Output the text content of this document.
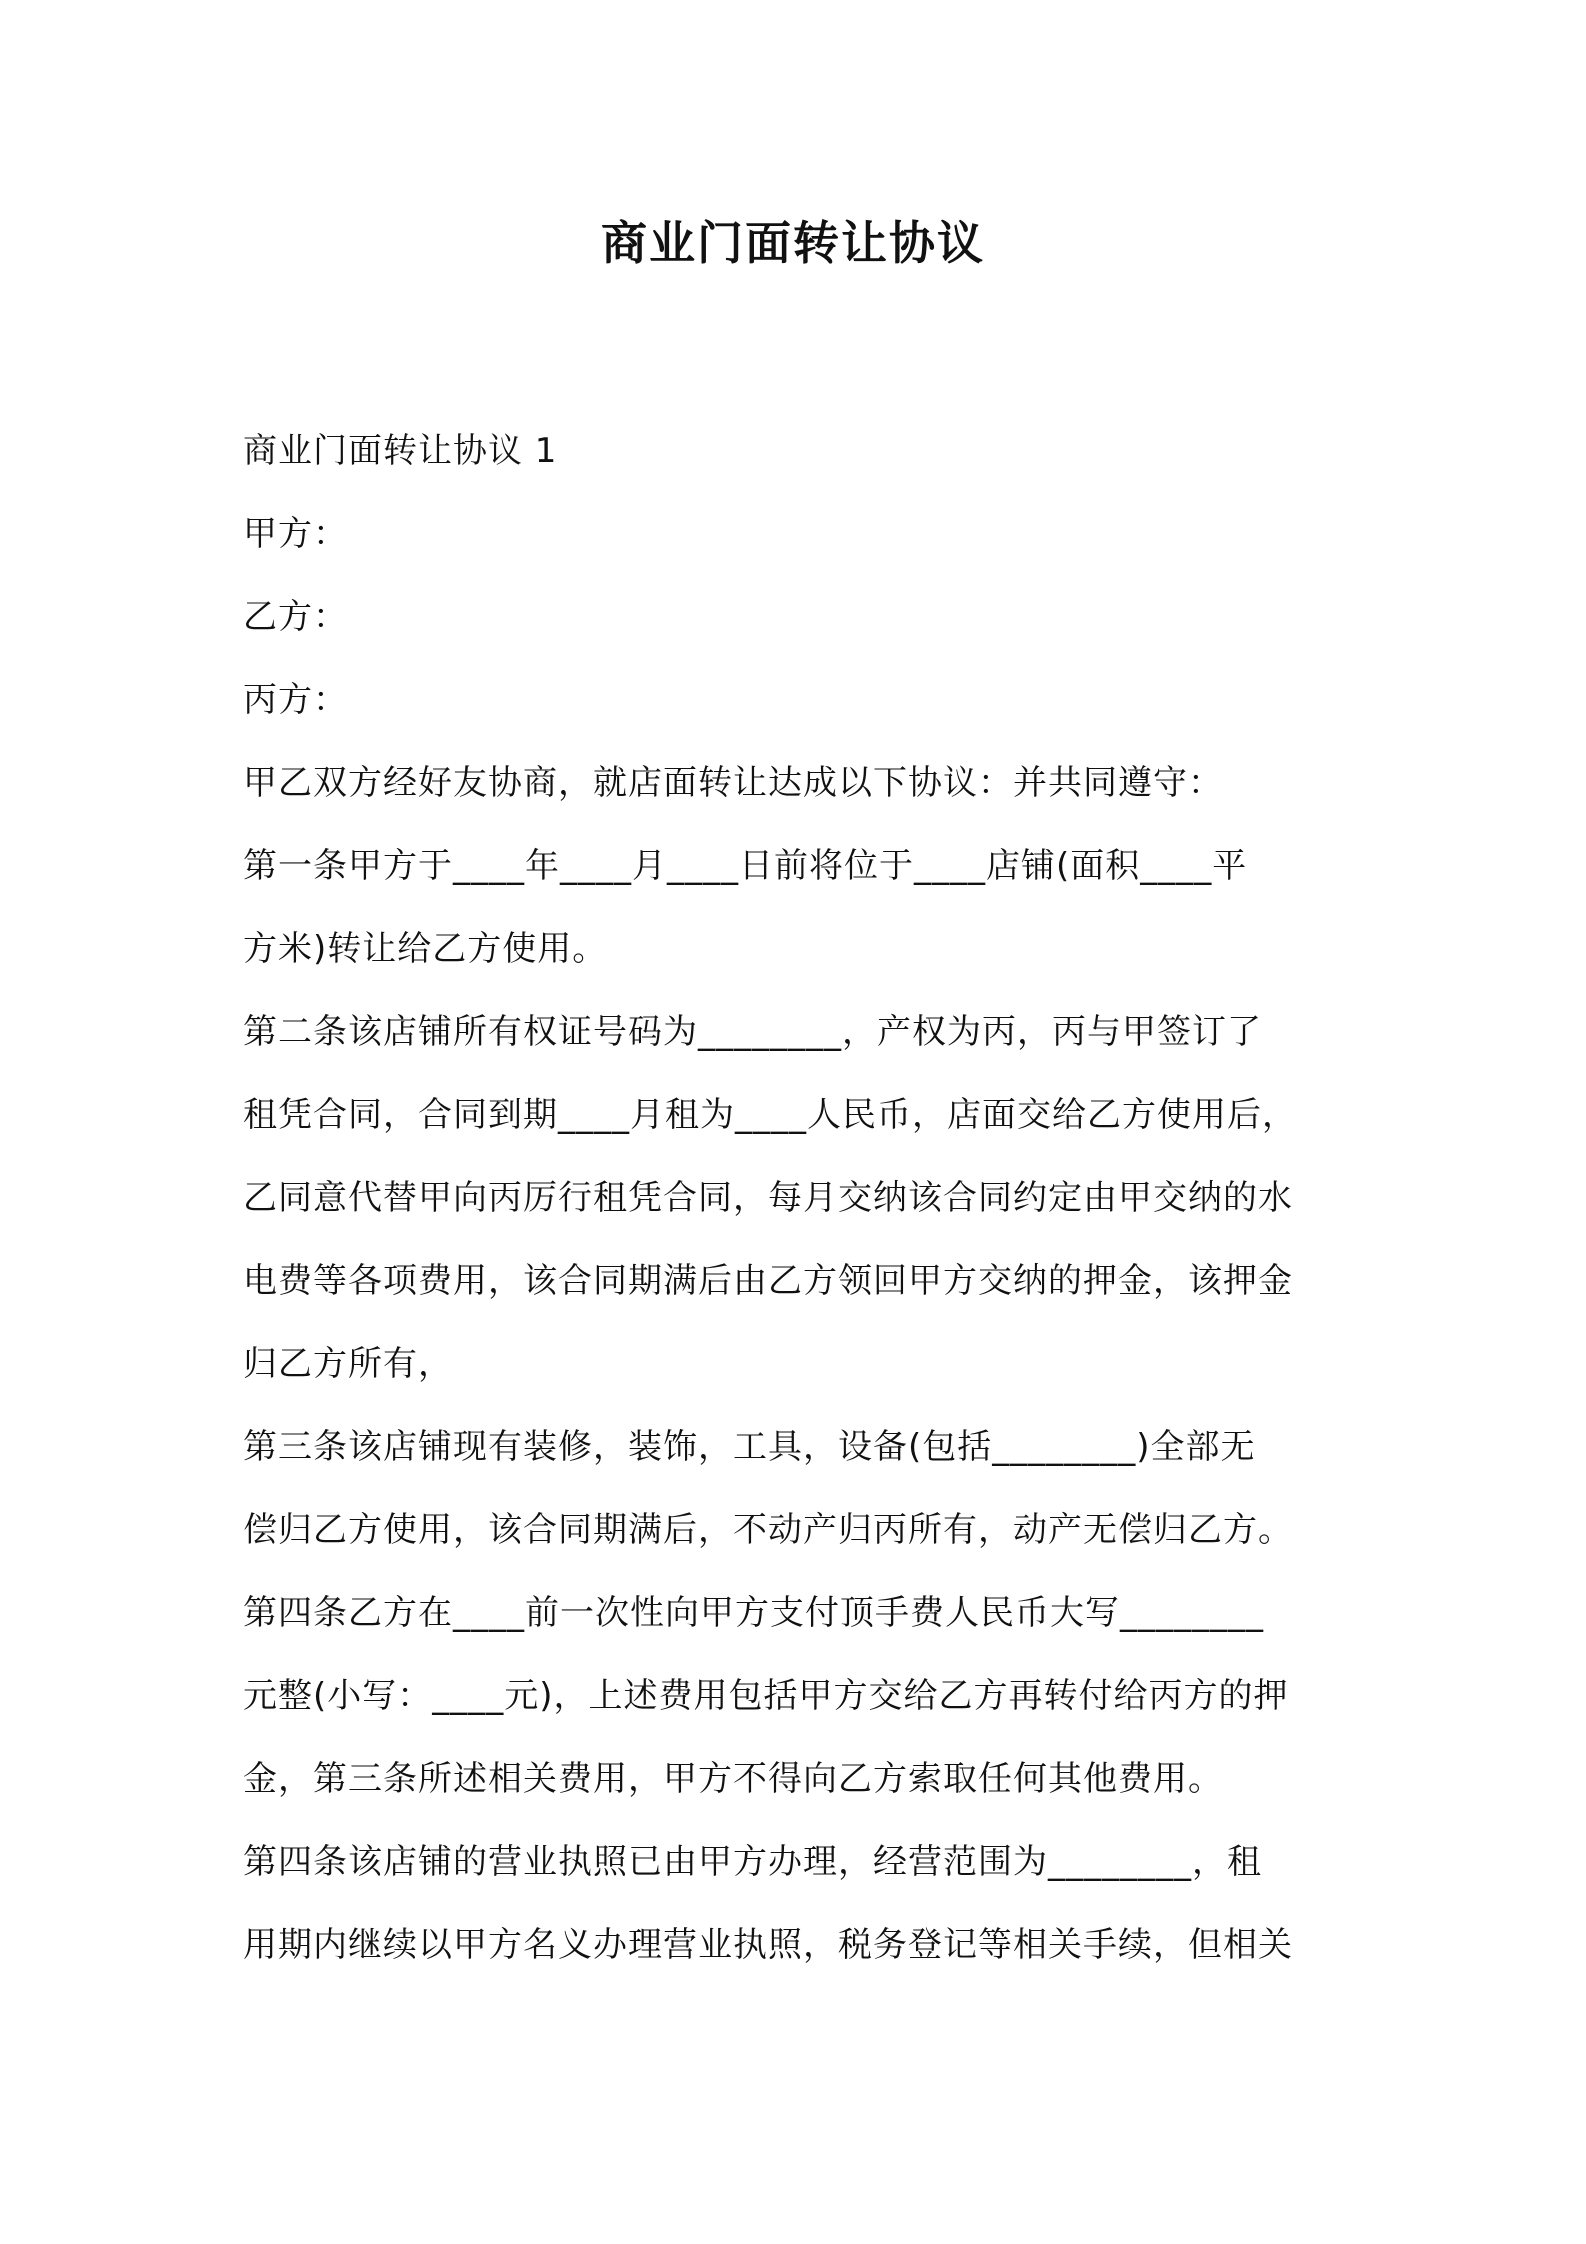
商业门面转让协议

商业门面转让协议 1

甲方：

乙方：

丙方：

甲乙双方经好友协商，就店面转让达成以下协议：并共同遵守：

第一条甲方于____年____月____日前将位于____店铺(面积____平

方米)转让给乙方使用。

第二条该店铺所有权证号码为________，产权为丙，丙与甲签订了

租凭合同，合同到期____月租为____人民币，店面交给乙方使用后，

乙同意代替甲向丙厉行租凭合同，每月交纳该合同约定由甲交纳的水

电费等各项费用，该合同期满后由乙方领回甲方交纳的押金，该押金

归乙方所有，

第三条该店铺现有装修，装饰，工具，设备(包括________)全部无

偿归乙方使用，该合同期满后，不动产归丙所有，动产无偿归乙方。

第四条乙方在____前一次性向甲方支付顶手费人民币大写________

元整(小写：____元)，上述费用包括甲方交给乙方再转付给丙方的押

金，第三条所述相关费用，甲方不得向乙方索取任何其他费用。

第四条该店铺的营业执照已由甲方办理，经营范围为________，租

用期内继续以甲方名义办理营业执照，税务登记等相关手续，但相关
